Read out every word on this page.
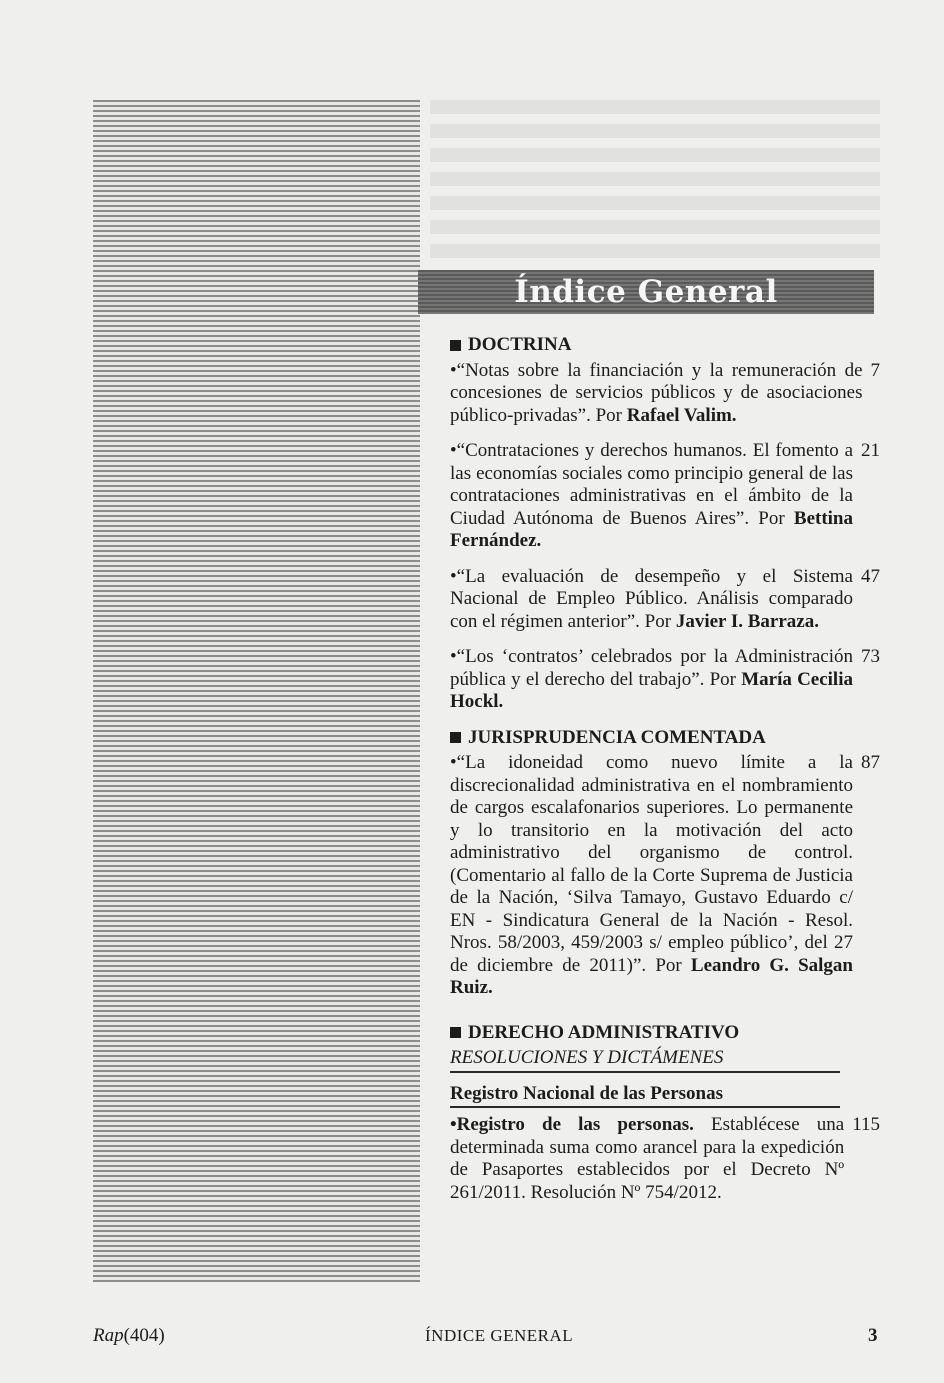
Índice General
DOCTRINA
•“Notas sobre la financiación y la remuneración de concesiones de servicios públicos y de asociaciones público-privadas”. Por Rafael Valim.
7
•“Contrataciones y derechos humanos. El fomento a las economías sociales como principio general de las contrataciones administrativas en el ámbito de la Ciudad Autónoma de Buenos Aires”. Por Bettina Fernández.
21
•“La evaluación de desempeño y el Sistema Nacional de Empleo Público. Análisis comparado con el régimen anterior”. Por Javier I. Barraza.
47
•“Los ‘contratos’ celebrados por la Administración pública y el derecho del trabajo”. Por María Cecilia Hockl.
73
JURISPRUDENCIA COMENTADA
•“La idoneidad como nuevo límite a la discrecionalidad administrativa en el nombramiento de cargos escalafonarios superiores. Lo permanente y lo transitorio en la motivación del acto administrativo del organismo de control. (Comentario al fallo de la Corte Suprema de Justicia de la Nación, ‘Silva Tamayo, Gustavo Eduardo c/ EN - Sindicatura General de la Nación - Resol. Nros. 58/2003, 459/2003 s/ empleo público’, del 27 de diciembre de 2011)”. Por Leandro G. Salgan Ruiz.
87
DERECHO ADMINISTRATIVO
RESOLUCIONES Y DICTÁMENES
Registro Nacional de las Personas
•Registro de las personas. Establécese una determinada suma como arancel para la expedición de Pasaportes establecidos por el Decreto Nº 261/2011. Resolución Nº 754/2012.
115
Rap(404)	ÍNDICE GENERAL	3
